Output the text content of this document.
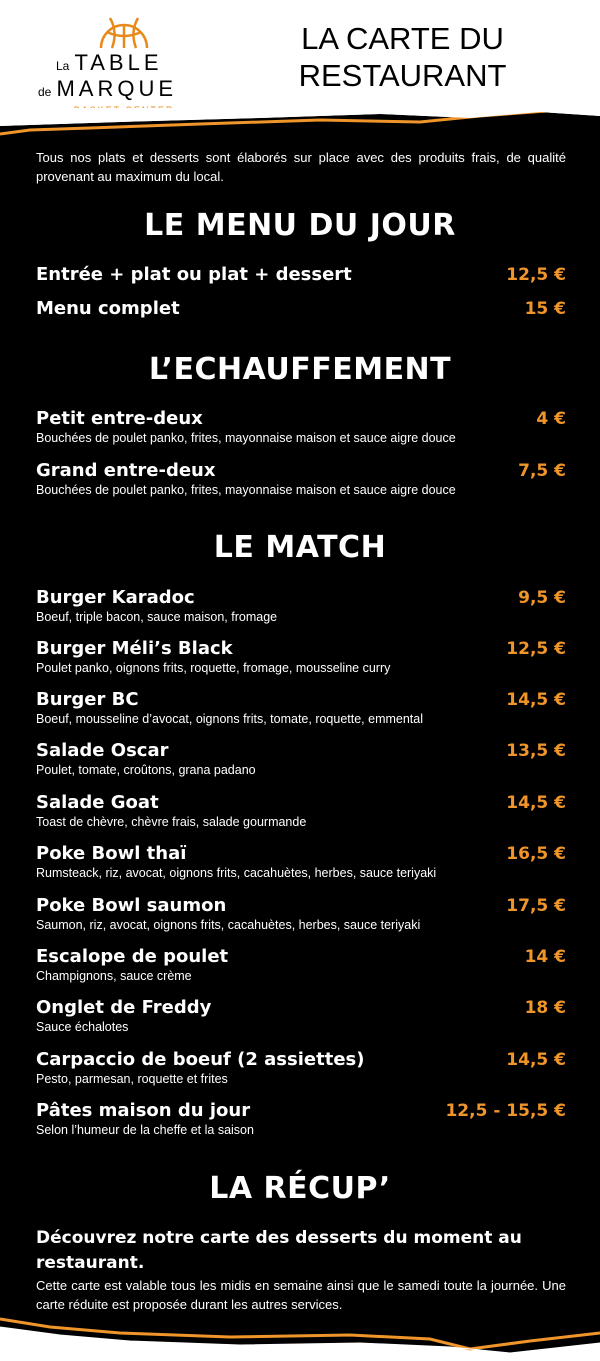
La TABLE
de MARQUE
LA CARTE DU
RESTAURANT
Tous nos plats et desserts sont élaborés sur place avec des produits frais, de qualité provenant au maximum du local.
LE MENU DU JOUR
Entrée + plat ou plat + dessert	12,5 €
Menu complet	15 €
L’ECHAUFFEMENT
Petit entre-deux
Bouchées de poulet panko, frites, mayonnaise maison et sauce aigre douce
4 €
Grand entre-deux
Bouchées de poulet panko, frites, mayonnaise maison et sauce aigre douce
7,5 €
LE MATCH
Burger Karadoc
Boeuf, triple bacon, sauce maison, fromage
9,5 €
Burger Méli’s Black
Poulet panko, oignons frits, roquette, fromage, mousseline curry
12,5 €
Burger BC
Boeuf, mousseline d’avocat, oignons frits, tomate, roquette, emmental
14,5 €
Salade Oscar
Poulet, tomate, croûtons, grana padano
13,5 €
Salade Goat
Toast de chèvre, chèvre frais, salade gourmande
14,5 €
Poke Bowl thaï
Rumsteack, riz, avocat, oignons frits, cacahuètes, herbes, sauce teriyaki
16,5 €
Poke Bowl saumon
Saumon, riz, avocat, oignons frits, cacahuètes, herbes, sauce teriyaki
17,5 €
Escalope de poulet
Champignons, sauce crème
14 €
Onglet de Freddy
Sauce échalotes
18 €
Carpaccio de boeuf (2 assiettes)
Pesto, parmesan, roquette et frites
14,5 €
Pâtes maison du jour
Selon l’humeur de la cheffe et la saison
12,5 - 15,5 €
LA RÉCUP’
Découvrez notre carte des desserts du moment au restaurant.
Cette carte est valable tous les midis en semaine ainsi que le samedi toute la journée. Une carte réduite est proposée durant les autres services.
